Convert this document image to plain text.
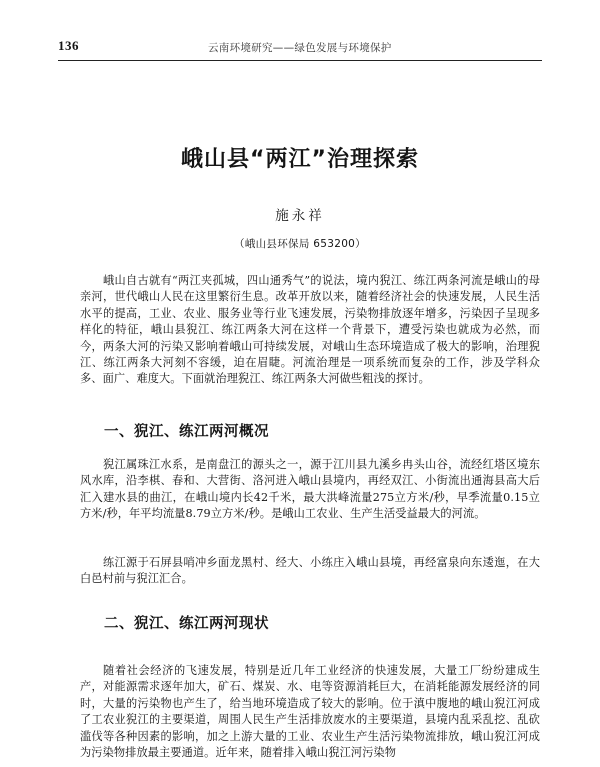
136	云南环境研究——绿色发展与环境保护
峨山县“两江”治理探索
施永祥
（峨山县环保局 653200）

峨山自古就有“两江夹孤城，四山通秀气”的说法，境内猊江、练江两条河流是峨山的母亲河，世代峨山人民在这里繁衍生息。改革开放以来，随着经济社会的快速发展，人民生活水平的提高，工业、农业、服务业等行业飞速发展，污染物排放逐年增多，污染因子呈现多样化的特征，峨山县猊江、练江两条大河在这样一个背景下，遭受污染也就成为必然，而今，两条大河的污染又影响着峨山可持续发展，对峨山生态环境造成了极大的影响，治理猊江、练江两条大河刻不容缓，迫在眉睫。河流治理是一项系统而复杂的工作，涉及学科众多、面广、难度大。下面就治理猊江、练江两条大河做些粗浅的探讨。

一、猊江、练江两河概况

猊江属珠江水系，是南盘江的源头之一，源于江川县九溪乡冉头山谷，流经红塔区境东风水库，沿李棋、春和、大营街、洛河进入峨山县境内，再经双江、小街流出通海县高大后汇入建水县的曲江，在峨山境内长42千米，最大洪峰流量275立方米/秒，早季流量0.15立方米/秒，年平均流量8.79立方米/秒。是峨山工农业、生产生活受益最大的河流。

练江源于石屏县哨冲乡面龙黑村、经大、小练庄入峨山县境，再经富泉向东逶迤，在大白邑村前与猊江汇合。

二、猊江、练江两河现状

随着社会经济的飞速发展，特别是近几年工业经济的快速发展，大量工厂纷纷建成生产，对能源需求逐年加大，矿石、煤炭、水、电等资源消耗巨大，在消耗能源发展经济的同时，大量的污染物也产生了，给当地环境造成了较大的影响。位于滇中腹地的峨山猊江河成了工农业猊江的主要渠道，周围人民生产生活排放废水的主要渠道，县境内乱采乱挖、乱砍滥伐等各种因素的影响，加之上游大量的工业、农业生产生活污染物流排放，峨山猊江河成为污染物排放最主要通道。近年来，随着排入峨山猊江河污染物
